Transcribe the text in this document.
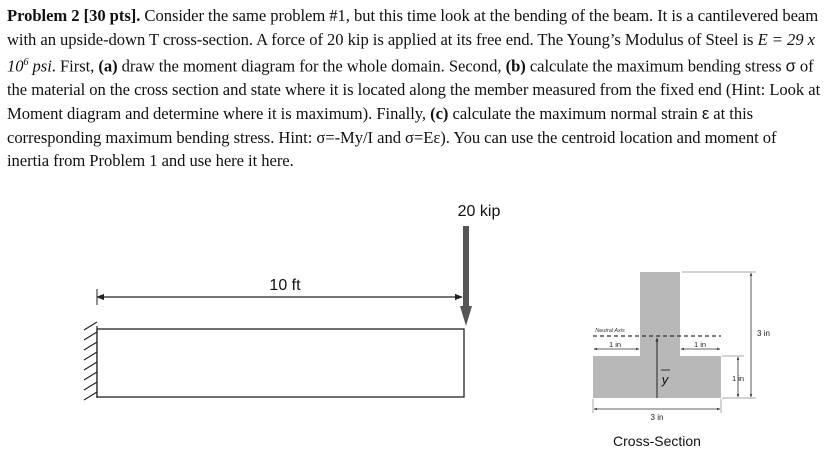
Problem 2 [30 pts]. Consider the same problem #1, but this time look at the bending of the beam. It is a cantilevered beam with an upside-down T cross-section. A force of 20 kip is applied at its free end. The Young’s Modulus of Steel is E = 29 x $10^6$ psi. First, (a) draw the moment diagram for the whole domain. Second, (b) calculate the maximum bending stress σ of the material on the cross section and state where it is located along the member measured from the fixed end (Hint: Look at Moment diagram and determine where it is maximum). Finally, (c) calculate the maximum normal strain ε at this corresponding maximum bending stress. Hint: σ=-My/I and σ=Eε). You can use the centroid location and moment of inertia from Problem 1 and use here it here.

20 kip
10 ft
Neutral Axis
1 in	1 in
y
3 in
1 in
3 in
Cross-Section
